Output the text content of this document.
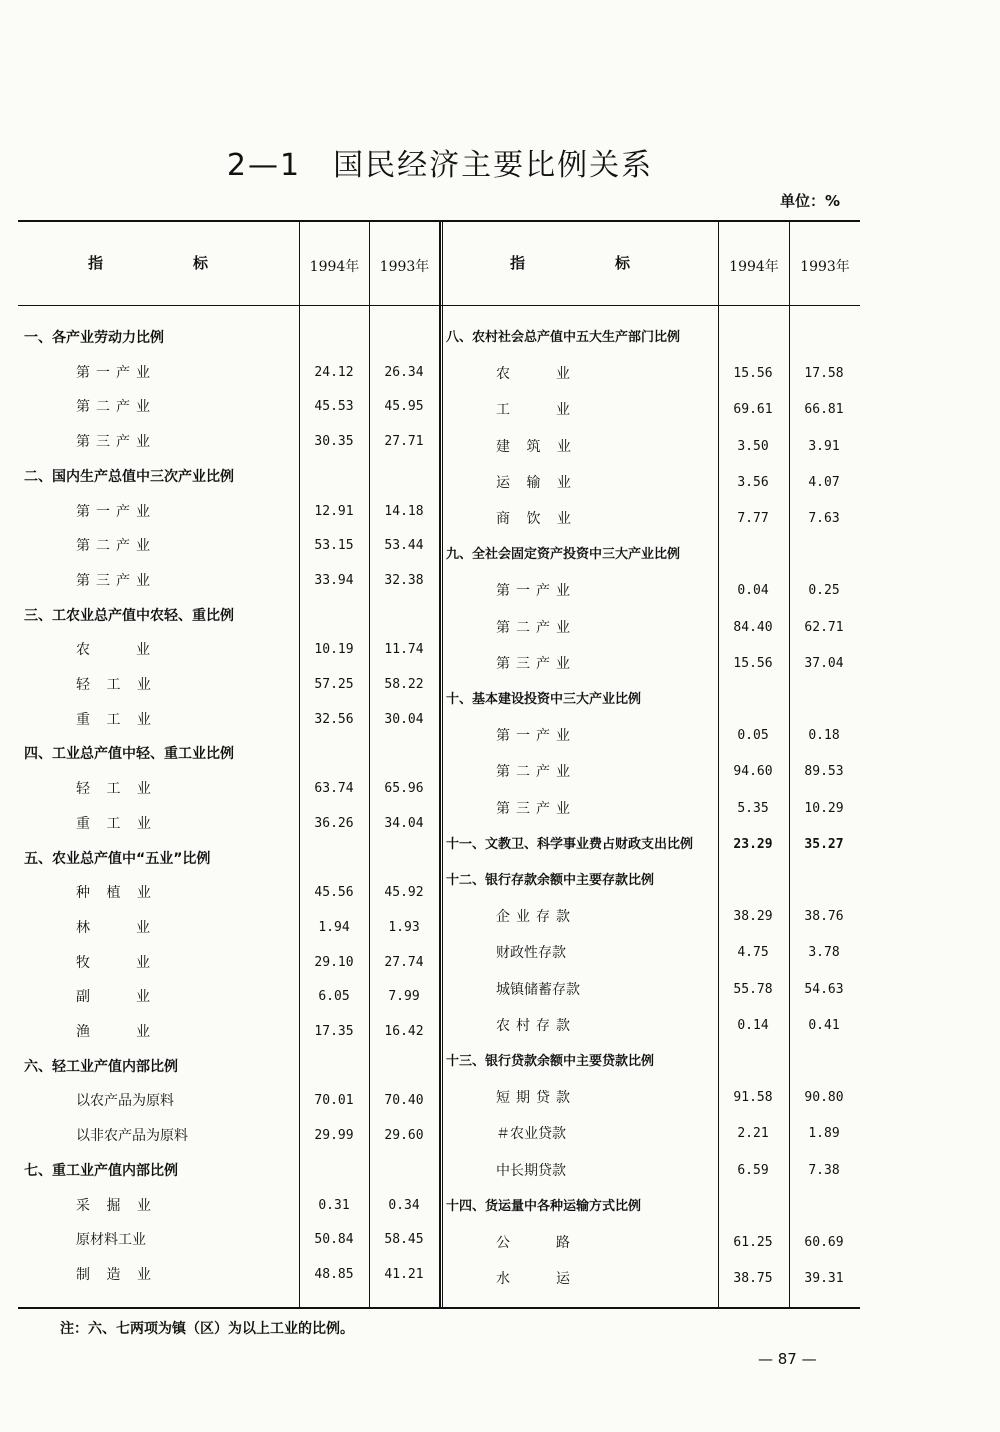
2—1　国民经济主要比例关系
单位：%
指　　　　　　标	1994年	1993年	指　　　　　　标	1994年	1993年
一、各产业劳动力比例
第一产业	24.12	26.34
第二产业	45.53	45.95
第三产业	30.35	27.71
二、国内生产总值中三次产业比例
第一产业	12.91	14.18
第二产业	53.15	53.44
第三产业	33.94	32.38
三、工农业总产值中农轻、重比例
农　　业	10.19	11.74
轻 工 业	57.25	58.22
重 工 业	32.56	30.04
四、工业总产值中轻、重工业比例
轻 工 业	63.74	65.96
重 工 业	36.26	34.04
五、农业总产值中“五业”比例
种 植 业	45.56	45.92
林　　业	1.94	1.93
牧　　业	29.10	27.74
副　　业	6.05	7.99
渔　　业	17.35	16.42
六、轻工业产值内部比例
以农产品为原料	70.01	70.40
以非农产品为原料	29.99	29.60
七、重工业产值内部比例
采 掘 业	0.31	0.34
原材料工业	50.84	58.45
制 造 业	48.85	41.21
八、农村社会总产值中五大生产部门比例
农　　业	15.56	17.58
工　　业	69.61	66.81
建 筑 业	3.50	3.91
运 输 业	3.56	4.07
商 饮 业	7.77	7.63
九、全社会固定资产投资中三大产业比例
第一产业	0.04	0.25
第二产业	84.40	62.71
第三产业	15.56	37.04
十、基本建设投资中三大产业比例
第一产业	0.05	0.18
第二产业	94.60	89.53
第三产业	5.35	10.29
十一、文教卫、科学事业费占财政支出比例	23.29	35.27
十二、银行存款余额中主要存款比例
企业存款	38.29	38.76
财政性存款	4.75	3.78
城镇储蓄存款	55.78	54.63
农村存款	0.14	0.41
十三、银行贷款余额中主要贷款比例
短期贷款	91.58	90.80
＃农业贷款	2.21	1.89
中长期贷款	6.59	7.38
十四、货运量中各种运输方式比例
公　　路	61.25	60.69
水　　运	38.75	39.31
注：六、七两项为镇（区）为以上工业的比例。
— 87 —
